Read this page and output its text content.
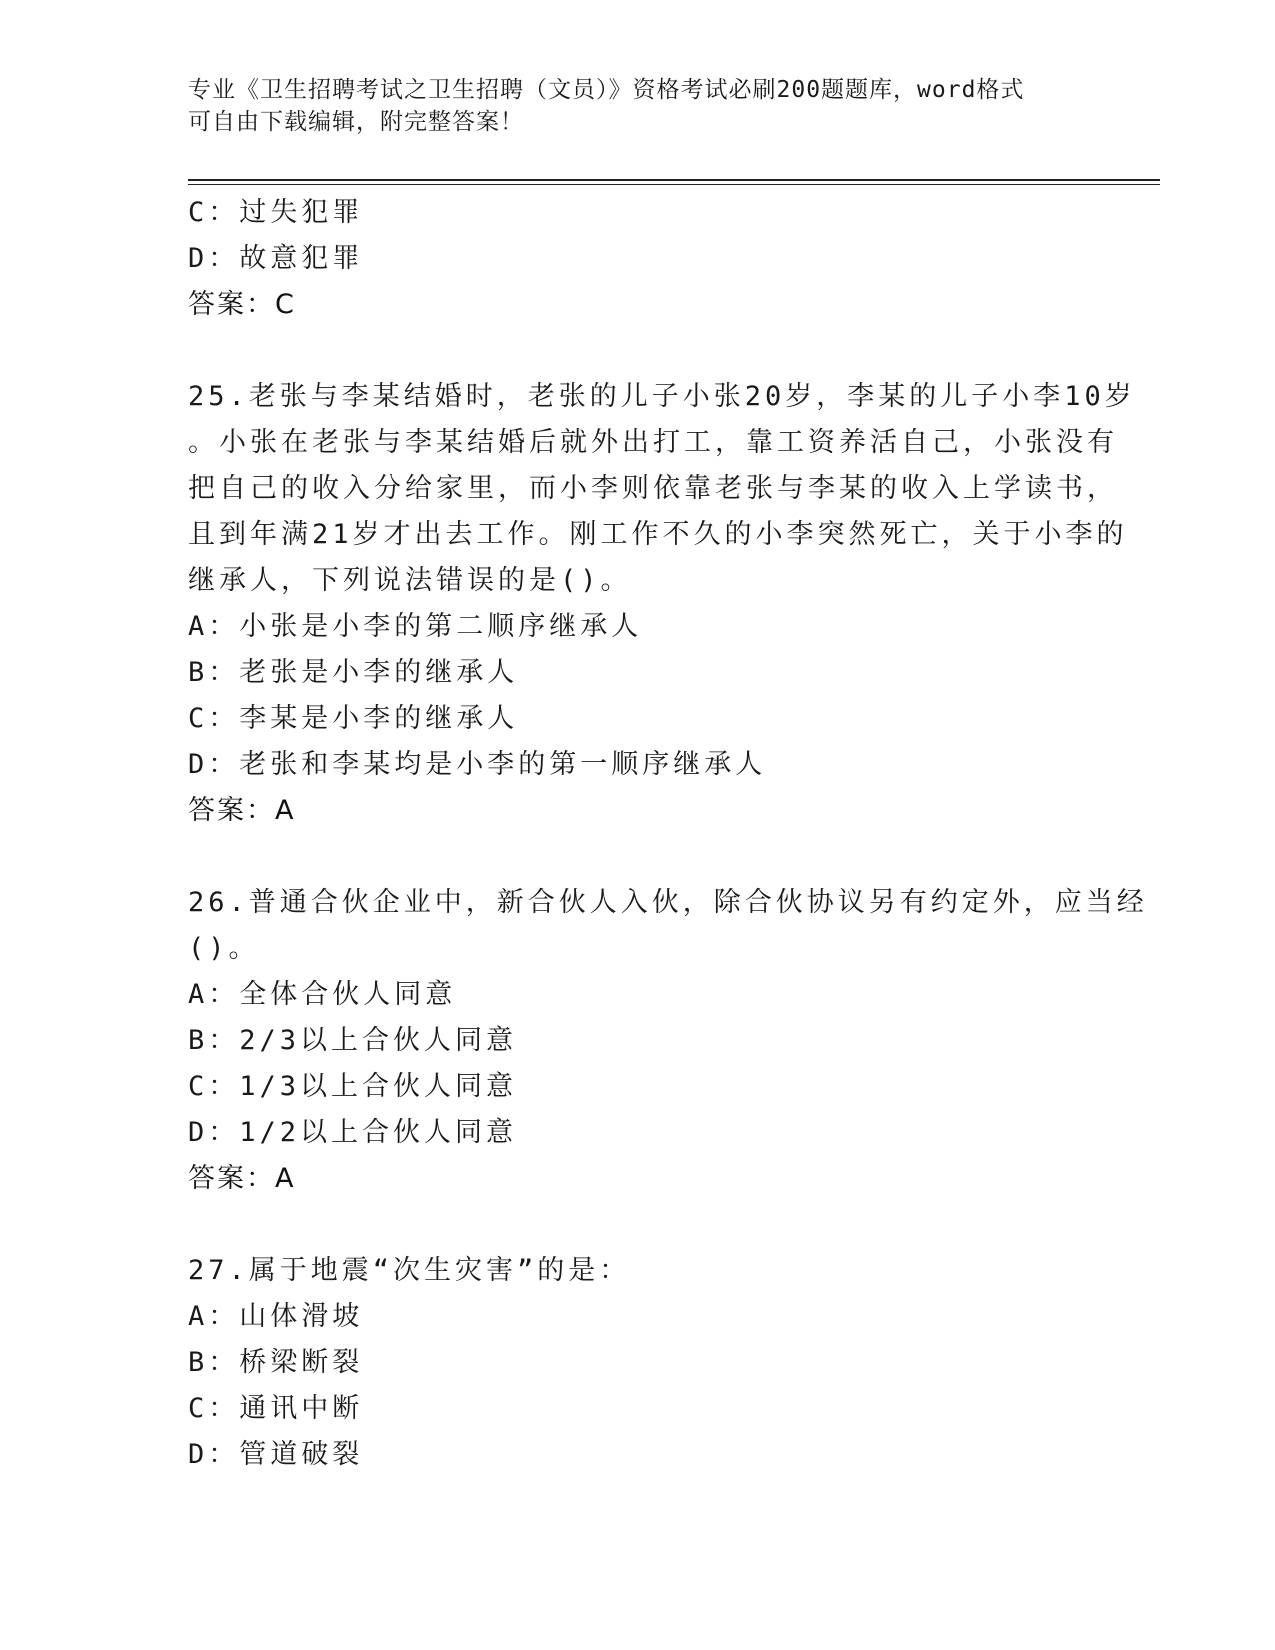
专业《卫生招聘考试之卫生招聘（文员）》资格考试必刷200题题库，word格式
可自由下载编辑，附完整答案！
C：过失犯罪
D：故意犯罪
答案：C
25.老张与李某结婚时，老张的儿子小张20岁，李某的儿子小李10岁
。小张在老张与李某结婚后就外出打工，靠工资养活自己，小张没有
把自己的收入分给家里，而小李则依靠老张与李某的收入上学读书，
且到年满21岁才出去工作。刚工作不久的小李突然死亡，关于小李的
继承人，下列说法错误的是()。
A：小张是小李的第二顺序继承人
B：老张是小李的继承人
C：李某是小李的继承人
D：老张和李某均是小李的第一顺序继承人
答案：A
26.普通合伙企业中，新合伙人入伙，除合伙协议另有约定外，应当经
()。
A：全体合伙人同意
B：2/3以上合伙人同意
C：1/3以上合伙人同意
D：1/2以上合伙人同意
答案：A
27.属于地震“次生灾害”的是：
A：山体滑坡
B：桥梁断裂
C：通讯中断
D：管道破裂
